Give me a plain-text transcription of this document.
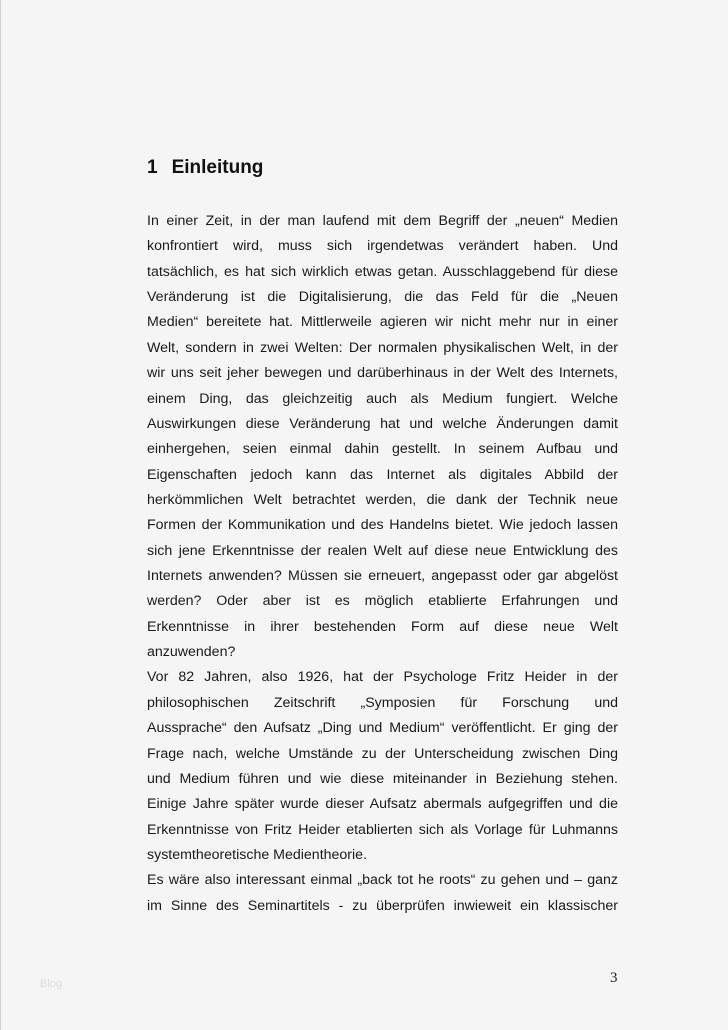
1 Einleitung
In einer Zeit, in der man laufend mit dem Begriff der „neuen“ Medien
konfrontiert wird, muss sich irgendetwas verändert haben. Und
tatsächlich, es hat sich wirklich etwas getan. Ausschlaggebend für diese
Veränderung ist die Digitalisierung, die das Feld für die „Neuen
Medien“ bereitete hat. Mittlerweile agieren wir nicht mehr nur in einer
Welt, sondern in zwei Welten: Der normalen physikalischen Welt, in der
wir uns seit jeher bewegen und darüberhinaus in der Welt des Internets,
einem Ding, das gleichzeitig auch als Medium fungiert. Welche
Auswirkungen diese Veränderung hat und welche Änderungen damit
einhergehen, seien einmal dahin gestellt. In seinem Aufbau und
Eigenschaften jedoch kann das Internet als digitales Abbild der
herkömmlichen Welt betrachtet werden, die dank der Technik neue
Formen der Kommunikation und des Handelns bietet. Wie jedoch lassen
sich jene Erkenntnisse der realen Welt auf diese neue Entwicklung des
Internets anwenden? Müssen sie erneuert, angepasst oder gar abgelöst
werden? Oder aber ist es möglich etablierte Erfahrungen und
Erkenntnisse in ihrer bestehenden Form auf diese neue Welt
anzuwenden?
Vor 82 Jahren, also 1926, hat der Psychologe Fritz Heider in der
philosophischen Zeitschrift „Symposien für Forschung und
Aussprache“ den Aufsatz „Ding und Medium“ veröffentlicht. Er ging der
Frage nach, welche Umstände zu der Unterscheidung zwischen Ding
und Medium führen und wie diese miteinander in Beziehung stehen.
Einige Jahre später wurde dieser Aufsatz abermals aufgegriffen und die
Erkenntnisse von Fritz Heider etablierten sich als Vorlage für Luhmanns
systemtheoretische Medientheorie.
Es wäre also interessant einmal „back tot he roots“ zu gehen und – ganz
im Sinne des Seminartitels - zu überprüfen inwieweit ein klassischer
3
Blog
